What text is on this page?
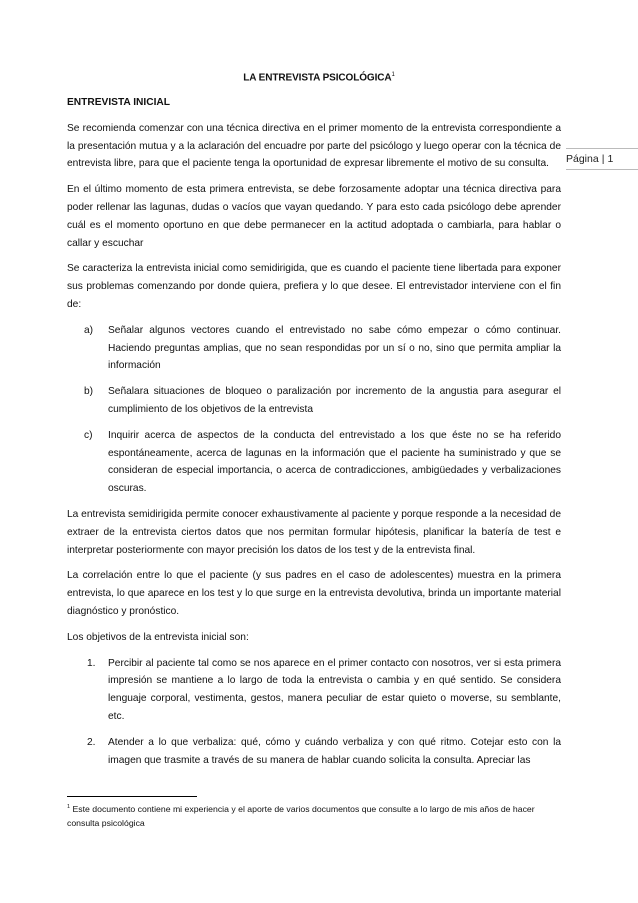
LA ENTREVISTA PSICOLÓGICA$^1$
Página | 1
ENTREVISTA INICIAL

Se recomienda comenzar con una técnica directiva en el primer momento de la entrevista correspondiente a la presentación mutua y a la aclaración del encuadre por parte del psicólogo y luego operar con la técnica de entrevista libre, para que el paciente tenga la oportunidad de expresar libremente el motivo de su consulta.

En el último momento de esta primera entrevista, se debe forzosamente adoptar una técnica directiva para poder rellenar las lagunas, dudas o vacíos que vayan quedando. Y para esto cada psicólogo debe aprender cuál es el momento oportuno en que debe permanecer en la actitud adoptada o cambiarla, para hablar o callar y escuchar

Se caracteriza la entrevista inicial como semidirigida, que es cuando el paciente tiene libertada para exponer sus problemas comenzando por donde quiera, prefiera y lo que desee. El entrevistador interviene con el fin de:

a) Señalar algunos vectores cuando el entrevistado no sabe cómo empezar o cómo continuar. Haciendo preguntas amplias, que no sean respondidas por un sí o no, sino que permita ampliar la información
b) Señalara situaciones de bloqueo o paralización por incremento de la angustia para asegurar el cumplimiento de los objetivos de la entrevista
c) Inquirir acerca de aspectos de la conducta del entrevistado a los que éste no se ha referido espontáneamente, acerca de lagunas en la información que el paciente ha suministrado y que se consideran de especial importancia, o acerca de contradicciones, ambigüedades y verbalizaciones oscuras.

La entrevista semidirigida permite conocer exhaustivamente al paciente y porque responde a la necesidad de extraer de la entrevista ciertos datos que nos permitan formular hipótesis, planificar la batería de test e interpretar posteriormente con mayor precisión los datos de los test y de la entrevista final.

La correlación entre lo que el paciente (y sus padres en el caso de adolescentes) muestra en la primera entrevista, lo que aparece en los test y lo que surge en la entrevista devolutiva, brinda un importante material diagnóstico y pronóstico.

Los objetivos de la entrevista inicial son:

1. Percibir al paciente tal como se nos aparece en el primer contacto con nosotros, ver si esta primera impresión se mantiene a lo largo de toda la entrevista o cambia y en qué sentido. Se considera lenguaje corporal, vestimenta, gestos, manera peculiar de estar quieto o moverse, su semblante, etc.
2. Atender a lo que verbaliza: qué, cómo y cuándo verbaliza y con qué ritmo. Cotejar esto con la imagen que trasmite a través de su manera de hablar cuando solicita la consulta. Apreciar las
$^1$ Este documento contiene mi experiencia y el aporte de varios documentos que consulte a lo largo de mis años de hacer consulta psicológica
